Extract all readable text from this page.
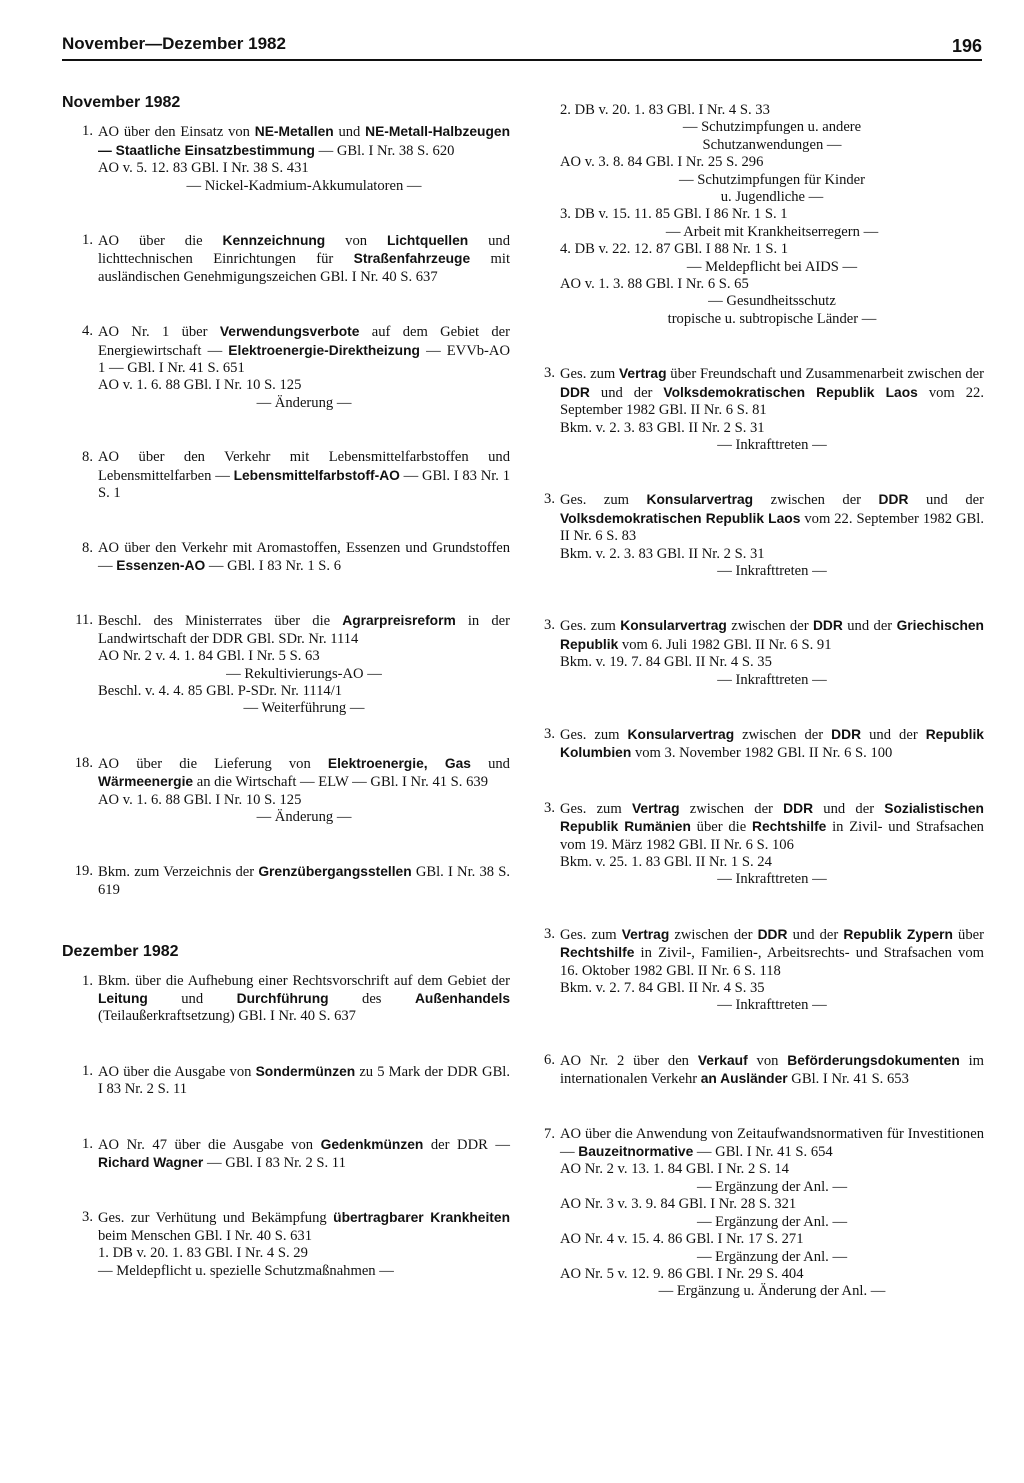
November—Dezember 1982	196
November 1982
1. AO über den Einsatz von NE-Metallen und NE-Metall-Halbzeugen — Staatliche Einsatzbestimmung — GBl. I Nr. 38 S. 620
AO v. 5. 12. 83 GBl. I Nr. 38 S. 431
— Nickel-Kadmium-Akkumulatoren —
1. AO über die Kennzeichnung von Lichtquellen und lichttechnischen Einrichtungen für Straßenfahrzeuge mit ausländischen Genehmigungszeichen GBl. I Nr. 40 S. 637
4. AO Nr. 1 über Verwendungsverbote auf dem Gebiet der Energiewirtschaft — Elektroenergie-Direktheizung — EVVb-AO 1 — GBl. I Nr. 41 S. 651
AO v. 1. 6. 88 GBl. I Nr. 10 S. 125
— Änderung —
8. AO über den Verkehr mit Lebensmittelfarbstoffen und Lebensmittelfarben — Lebensmittelfarbstoff-AO — GBl. I 83 Nr. 1 S. 1
8. AO über den Verkehr mit Aromastoffen, Essenzen und Grundstoffen — Essenzen-AO — GBl. I 83 Nr. 1 S. 6
11. Beschl. des Ministerrates über die Agrarpreisreform in der Landwirtschaft der DDR GBl. SDr. Nr. 1114
AO Nr. 2 v. 4. 1. 84 GBl. I Nr. 5 S. 63
— Rekultivierungs-AO —
Beschl. v. 4. 4. 85 GBl. P-SDr. Nr. 1114/1
— Weiterführung —
18. AO über die Lieferung von Elektroenergie, Gas und Wärmeenergie an die Wirtschaft — ELW — GBl. I Nr. 41 S. 639
AO v. 1. 6. 88 GBl. I Nr. 10 S. 125
— Änderung —
19. Bkm. zum Verzeichnis der Grenzübergangsstellen GBl. I Nr. 38 S. 619
Dezember 1982
1. Bkm. über die Aufhebung einer Rechtsvorschrift auf dem Gebiet der Leitung und Durchführung des Außenhandels (Teilaußerkraftsetzung) GBl. I Nr. 40 S. 637
1. AO über die Ausgabe von Sondermünzen zu 5 Mark der DDR GBl. I 83 Nr. 2 S. 11
1. AO Nr. 47 über die Ausgabe von Gedenkmünzen der DDR — Richard Wagner — GBl. I 83 Nr. 2 S. 11
3. Ges. zur Verhütung und Bekämpfung übertragbarer Krankheiten beim Menschen GBl. I Nr. 40 S. 631
1. DB v. 20. 1. 83 GBl. I Nr. 4 S. 29
— Meldepflicht u. spezielle Schutzmaßnahmen —
2. DB v. 20. 1. 83 GBl. I Nr. 4 S. 33
— Schutzimpfungen u. andere
Schutzanwendungen —
AO v. 3. 8. 84 GBl. I Nr. 25 S. 296
— Schutzimpfungen für Kinder
u. Jugendliche —
3. DB v. 15. 11. 85 GBl. I 86 Nr. 1 S. 1
— Arbeit mit Krankheitserregern —
4. DB v. 22. 12. 87 GBl. I 88 Nr. 1 S. 1
— Meldepflicht bei AIDS —
AO v. 1. 3. 88 GBl. I Nr. 6 S. 65
— Gesundheitsschutz
tropische u. subtropische Länder —
3. Ges. zum Vertrag über Freundschaft und Zusammenarbeit zwischen der DDR und der Volksdemokratischen Republik Laos vom 22. September 1982 GBl. II Nr. 6 S. 81
Bkm. v. 2. 3. 83 GBl. II Nr. 2 S. 31
— Inkrafttreten —
3. Ges. zum Konsularvertrag zwischen der DDR und der Volksdemokratischen Republik Laos vom 22. September 1982 GBl. II Nr. 6 S. 83
Bkm. v. 2. 3. 83 GBl. II Nr. 2 S. 31
— Inkrafttreten —
3. Ges. zum Konsularvertrag zwischen der DDR und der Griechischen Republik vom 6. Juli 1982 GBl. II Nr. 6 S. 91
Bkm. v. 19. 7. 84 GBl. II Nr. 4 S. 35
— Inkrafttreten —
3. Ges. zum Konsularvertrag zwischen der DDR und der Republik Kolumbien vom 3. November 1982 GBl. II Nr. 6 S. 100
3. Ges. zum Vertrag zwischen der DDR und der Sozialistischen Republik Rumänien über die Rechtshilfe in Zivil- und Strafsachen vom 19. März 1982 GBl. II Nr. 6 S. 106
Bkm. v. 25. 1. 83 GBl. II Nr. 1 S. 24
— Inkrafttreten —
3. Ges. zum Vertrag zwischen der DDR und der Republik Zypern über Rechtshilfe in Zivil-, Familien-, Arbeitsrechts- und Strafsachen vom 16. Oktober 1982 GBl. II Nr. 6 S. 118
Bkm. v. 2. 7. 84 GBl. II Nr. 4 S. 35
— Inkrafttreten —
6. AO Nr. 2 über den Verkauf von Beförderungsdokumenten im internationalen Verkehr an Ausländer GBl. I Nr. 41 S. 653
7. AO über die Anwendung von Zeitaufwandsnormativen für Investitionen — Bauzeitnormative — GBl. I Nr. 41 S. 654
AO Nr. 2 v. 13. 1. 84 GBl. I Nr. 2 S. 14
— Ergänzung der Anl. —
AO Nr. 3 v. 3. 9. 84 GBl. I Nr. 28 S. 321
— Ergänzung der Anl. —
AO Nr. 4 v. 15. 4. 86 GBl. I Nr. 17 S. 271
— Ergänzung der Anl. —
AO Nr. 5 v. 12. 9. 86 GBl. I Nr. 29 S. 404
— Ergänzung u. Änderung der Anl. —
